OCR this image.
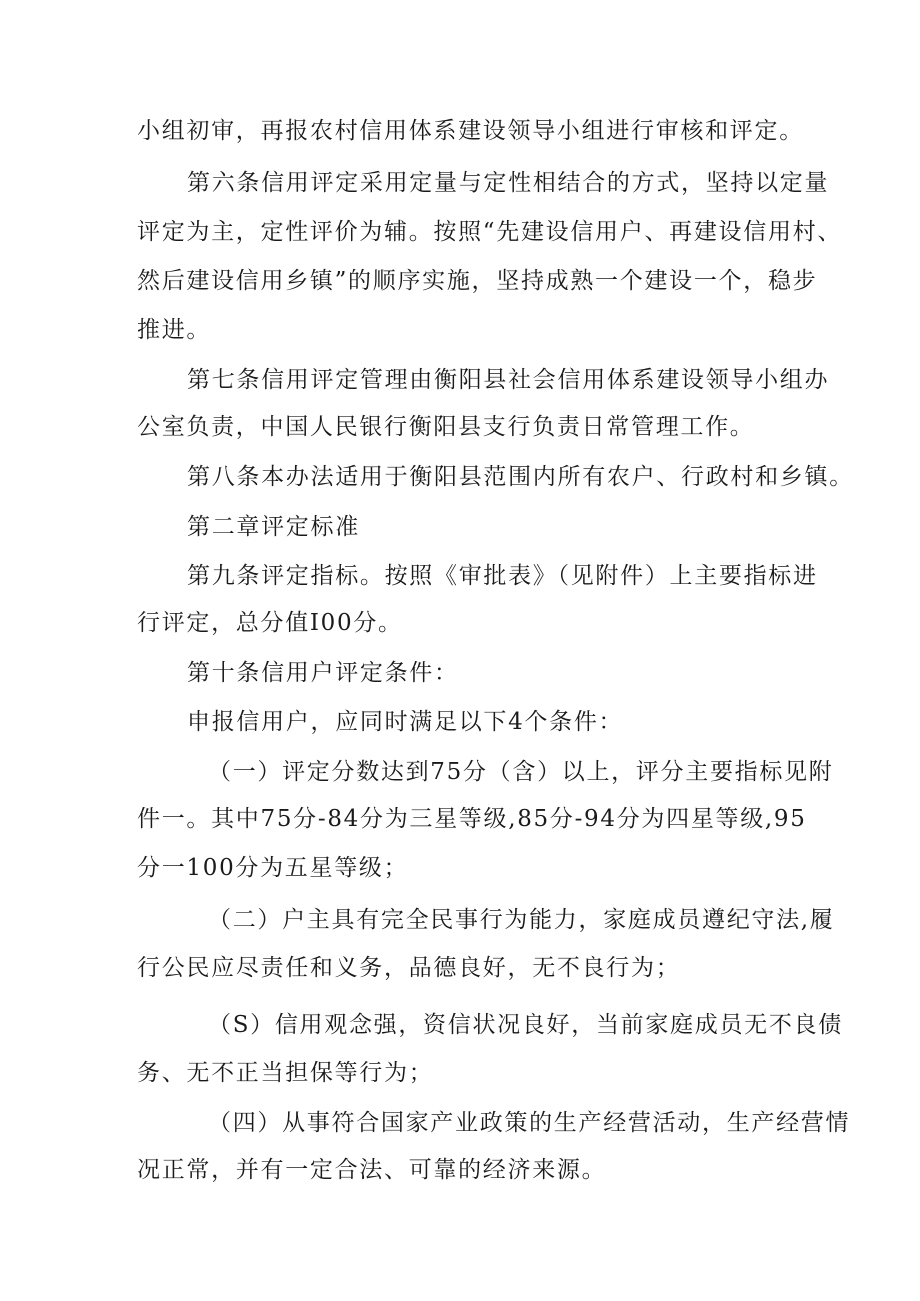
小组初审，再报农村信用体系建设领导小组进行审核和评定。
第六条信用评定采用定量与定性相结合的方式，坚持以定量
评定为主，定性评价为辅。按照“先建设信用户、再建设信用村、
然后建设信用乡镇”的顺序实施，坚持成熟一个建设一个，稳步
推进。
第七条信用评定管理由衡阳县社会信用体系建设领导小组办
公室负责，中国人民银行衡阳县支行负责日常管理工作。
第八条本办法适用于衡阳县范围内所有农户、行政村和乡镇。
第二章评定标准
第九条评定指标。按照《审批表》（见附件）上主要指标进
行评定，总分值I00分。
第十条信用户评定条件：
申报信用户，应同时满足以下4个条件：
（一）评定分数达到75分（含）以上，评分主要指标见附
件一。其中75分-84分为三星等级,85分-94分为四星等级,95
分一100分为五星等级；
（二）户主具有完全民事行为能力，家庭成员遵纪守法,履
行公民应尽责任和义务，品德良好，无不良行为；
（S）信用观念强，资信状况良好，当前家庭成员无不良债
务、无不正当担保等行为；
（四）从事符合国家产业政策的生产经营活动，生产经营情
况正常，并有一定合法、可靠的经济来源。
